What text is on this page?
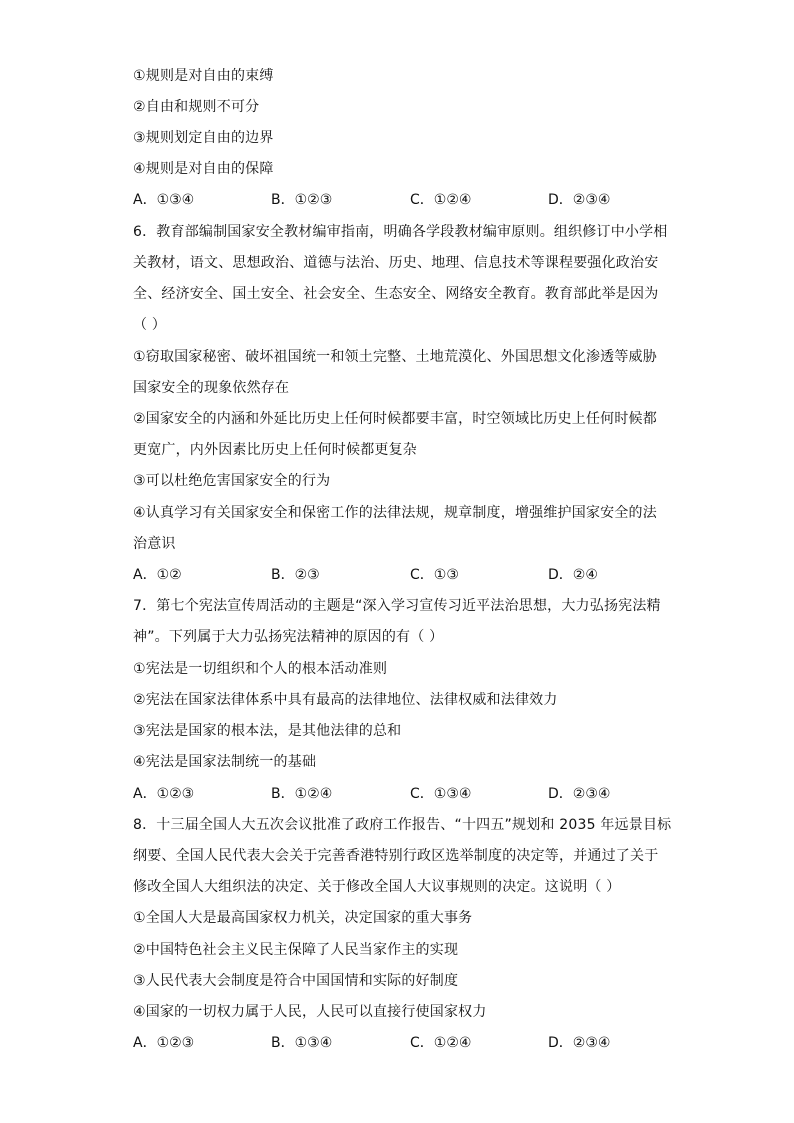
①规则是对自由的束缚
②自由和规则不可分
③规则划定自由的边界
④规则是对自由的保障
A．①③④	B．①②③	C．①②④	D．②③④
6．教育部编制国家安全教材编审指南，明确各学段教材编审原则。组织修订中小学相
关教材，语文、思想政治、道德与法治、历史、地理、信息技术等课程要强化政治安
全、经济安全、国土安全、社会安全、生态安全、网络安全教育。教育部此举是因为
（ ）
①窃取国家秘密、破坏祖国统一和领土完整、土地荒漠化、外国思想文化渗透等威胁
国家安全的现象依然存在
②国家安全的内涵和外延比历史上任何时候都要丰富，时空领域比历史上任何时候都
更宽广，内外因素比历史上任何时候都更复杂
③可以杜绝危害国家安全的行为
④认真学习有关国家安全和保密工作的法律法规，规章制度，增强维护国家安全的法
治意识
A．①②	B．②③	C．①③	D．②④
7．第七个宪法宣传周活动的主题是“深入学习宣传习近平法治思想，大力弘扬宪法精
神”。下列属于大力弘扬宪法精神的原因的有（ ）
①宪法是一切组织和个人的根本活动准则
②宪法在国家法律体系中具有最高的法律地位、法律权威和法律效力
③宪法是国家的根本法，是其他法律的总和
④宪法是国家法制统一的基础
A．①②③	B．①②④	C．①③④	D．②③④
8．十三届全国人大五次会议批准了政府工作报告、“十四五”规划和 2035 年远景目标
纲要、全国人民代表大会关于完善香港特别行政区选举制度的决定等，并通过了关于
修改全国人大组织法的决定、关于修改全国人大议事规则的决定。这说明（ ）
①全国人大是最高国家权力机关，决定国家的重大事务
②中国特色社会主义民主保障了人民当家作主的实现
③人民代表大会制度是符合中国国情和实际的好制度
④国家的一切权力属于人民，人民可以直接行使国家权力
A．①②③	B．①③④	C．①②④	D．②③④
